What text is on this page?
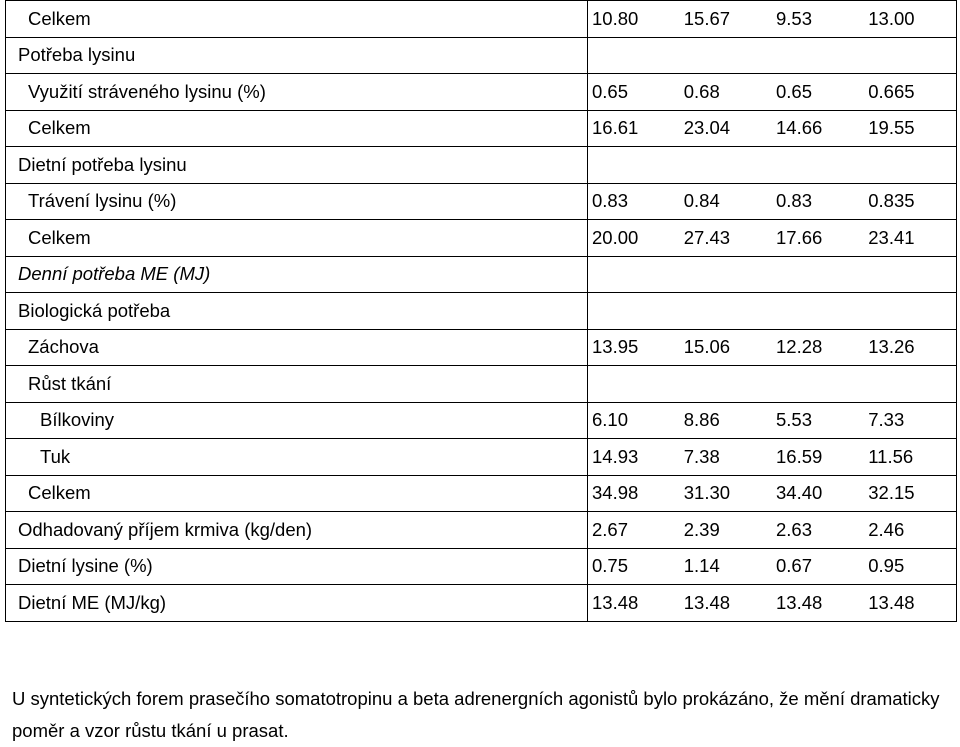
Celkem	10.80	15.67	9.53	13.00
Potřeba lysinu				
Využití stráveného lysinu (%)	0.65	0.68	0.65	0.665
Celkem	16.61	23.04	14.66	19.55
Dietní potřeba lysinu				
Trávení lysinu (%)	0.83	0.84	0.83	0.835
Celkem	20.00	27.43	17.66	23.41
Denní potřeba ME (MJ)				
Biologická potřeba				
Záchova	13.95	15.06	12.28	13.26
Růst tkání				
Bílkoviny	6.10	8.86	5.53	7.33
Tuk	14.93	7.38	16.59	11.56
Celkem	34.98	31.30	34.40	32.15
Odhadovaný příjem krmiva (kg/den)	2.67	2.39	2.63	2.46
Dietní lysine (%)	0.75	1.14	0.67	0.95
Dietní ME (MJ/kg)	13.48	13.48	13.48	13.48

U syntetických forem prasečího somatotropinu a beta adrenergních agonistů bylo prokázáno, že mění dramaticky poměr a vzor růstu tkání u prasat.
